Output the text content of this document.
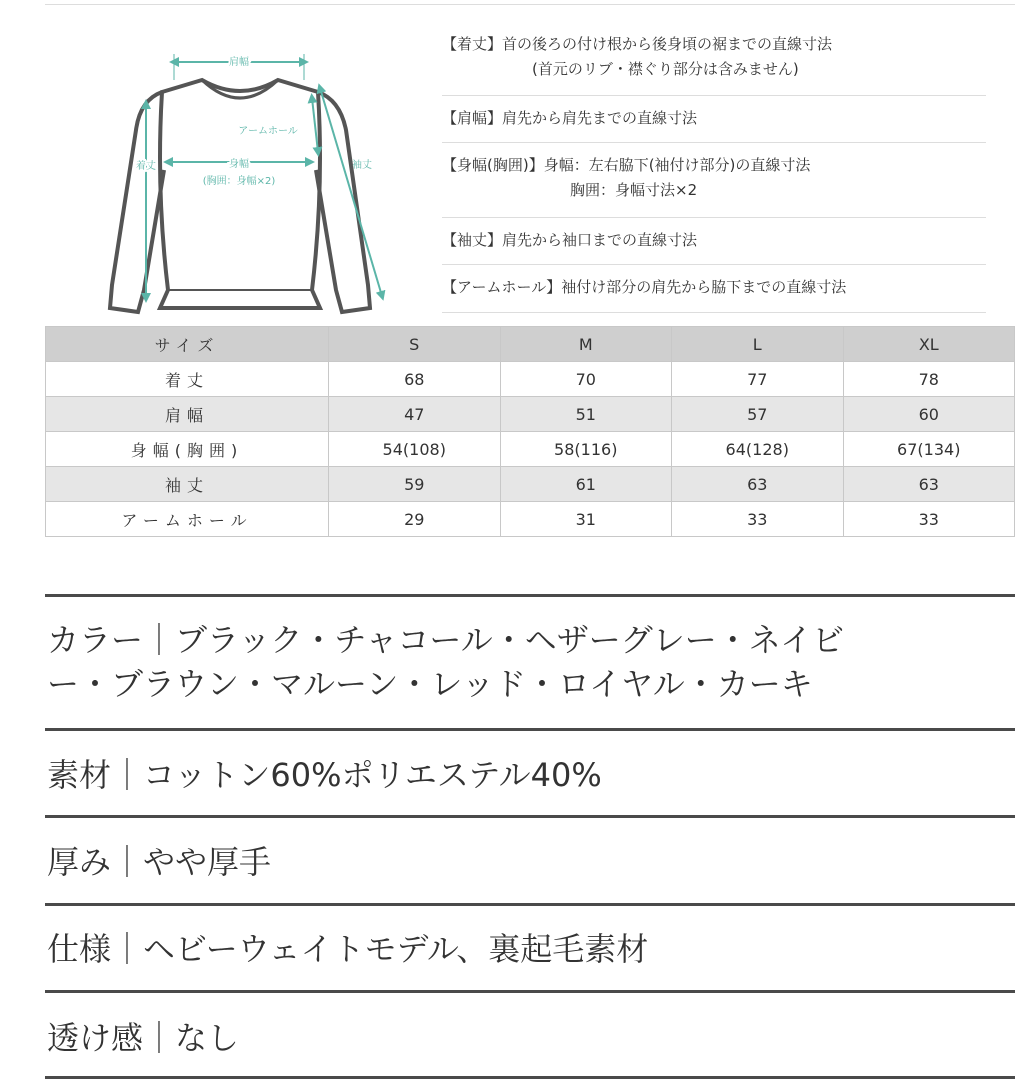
肩幅
アームホール
着丈	身幅
(胸囲：身幅×2)
袖丈
【着丈】首の後ろの付け根から後身頃の裾までの直線寸法
(首元のリブ・襟ぐり部分は含みません)
【肩幅】肩先から肩先までの直線寸法
【身幅(胸囲)】身幅：左右脇下(袖付け部分)の直線寸法
胸囲：身幅寸法×2
【袖丈】肩先から袖口までの直線寸法
【アームホール】袖付け部分の肩先から脇下までの直線寸法
サイズ	S	M	L	XL
着丈	68	70	77	78
肩幅	47	51	57	60
身幅(胸囲)	54(108)	58(116)	64(128)	67(134)
袖丈	59	61	63	63
アームホール	29	31	33	33
カラー｜ブラック・チャコール・ヘザーグレー・ネイビ
ー・ブラウン・マルーン・レッド・ロイヤル・カーキ
素材｜コットン60%ポリエステル40%
厚み｜やや厚手
仕様｜ヘビーウェイトモデル、裏起毛素材
透け感｜なし
